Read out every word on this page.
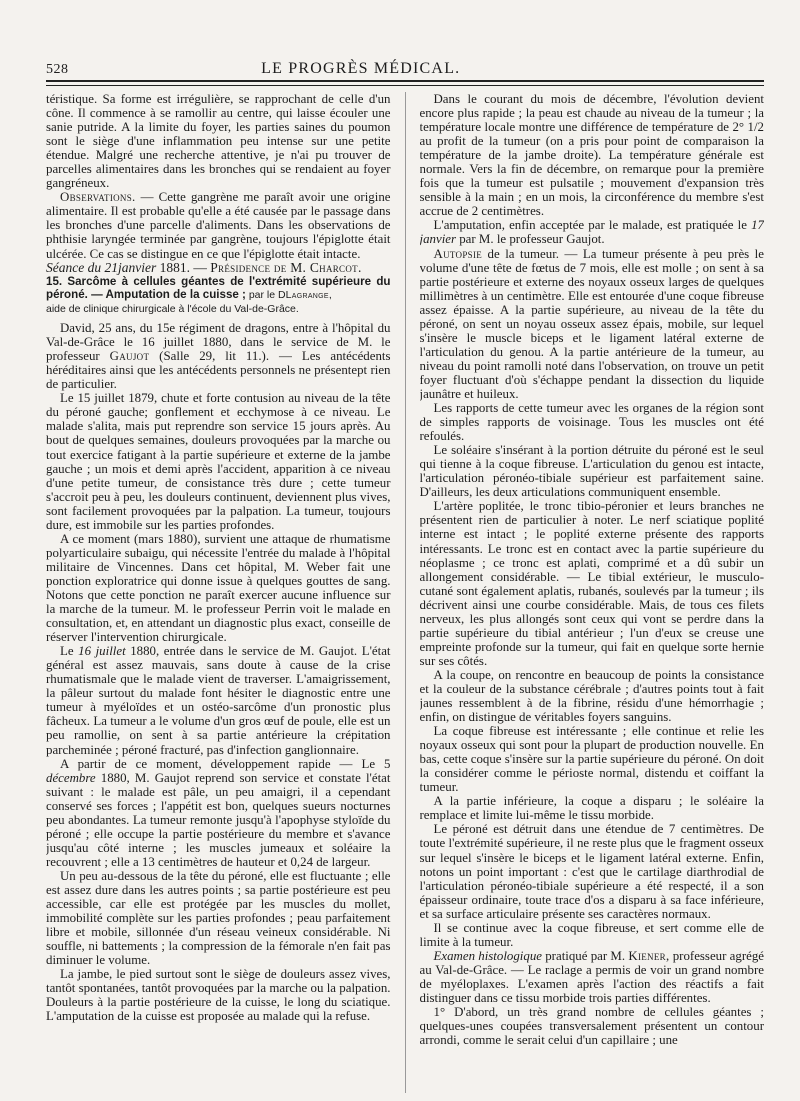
528	LE PROGRÈS MÉDICAL.

téristique. Sa forme est irrégulière, se rapprochant de celle d'un cône. Il commence à se ramollir au centre, qui laisse écouler une sanie putride. A la limite du foyer, les parties saines du poumon sont le siège d'une inflammation peu intense sur une petite étendue. Malgré une recherche attentive, je n'ai pu trouver de parcelles alimentaires dans les bronches qui se rendaient au foyer gangréneux.

Observations. — Cette gangrène me paraît avoir une origine alimentaire. Il est probable qu'elle a été causée par le passage dans les bronches d'une parcelle d'aliments. Dans les observations de phthisie laryngée terminée par gangrène, toujours l'épiglotte était ulcérée. Ce cas se distingue en ce que l'épiglotte était intacte.

Séance du 21janvier 1881. — Présidence de M. Charcot.

15. Sarcôme à cellules géantes de l'extrémité supérieure du péroné. — Amputation de la cuisse ; par le DLagrange,
aide de clinique chirurgicale à l'école du Val-de-Grâce.

David, 25 ans, du 15e régiment de dragons, entre à l'hôpital du Val-de-Grâce le 16 juillet 1880, dans le service de M. le professeur Gaujot (Salle 29, lit 11.). — Les antécédents héréditaires ainsi que les antécédents personnels ne présentept rien de particulier.

Le 15 juillet 1879, chute et forte contusion au niveau de la tête du péroné gauche; gonflement et ecchymose à ce niveau. Le malade s'alita, mais put reprendre son service 15 jours après. Au bout de quelques semaines, douleurs provoquées par la marche ou tout exercice fatigant à la partie supérieure et externe de la jambe gauche ; un mois et demi après l'accident, apparition à ce niveau d'une petite tumeur, de consistance très dure ; cette tumeur s'accroit peu à peu, les douleurs continuent, deviennent plus vives, sont facilement provoquées par la palpation. La tumeur, toujours dure, est immobile sur les parties profondes.

A ce moment (mars 1880), survient une attaque de rhumatisme polyarticulaire subaigu, qui nécessite l'entrée du malade à l'hôpital militaire de Vincennes. Dans cet hôpital, M. Weber fait une ponction exploratrice qui donne issue à quelques gouttes de sang. Notons que cette ponction ne paraît exercer aucune influence sur la marche de la tumeur. M. le professeur Perrin voit le malade en consultation, et, en attendant un diagnostic plus exact, conseille de réserver l'intervention chirurgicale.

Le 16 juillet 1880, entrée dans le service de M. Gaujot. L'état général est assez mauvais, sans doute à cause de la crise rhumatismale que le malade vient de traverser. L'amaigrissement, la pâleur surtout du malade font hésiter le diagnostic entre une tumeur à myéloïdes et un ostéo-sarcôme d'un pronostic plus fâcheux. La tumeur a le volume d'un gros œuf de poule, elle est un peu ramollie, on sent à sa partie antérieure la crépitation parcheminée ; péroné fracturé, pas d'infection ganglionnaire.

A partir de ce moment, développement rapide — Le 5 décembre 1880, M. Gaujot reprend son service et constate l'état suivant : le malade est pâle, un peu amaigri, il a cependant conservé ses forces ; l'appétit est bon, quelques sueurs nocturnes peu abondantes. La tumeur remonte jusqu'à l'apophyse styloïde du péroné ; elle occupe la partie postérieure du membre et s'avance jusqu'au côté interne ; les muscles jumeaux et soléaire la recouvrent ; elle a 13 centimètres de hauteur et 0,24 de largeur.

Un peu au-dessous de la tête du péroné, elle est fluctuante ; elle est assez dure dans les autres points ; sa partie postérieure est peu accessible, car elle est protégée par les muscles du mollet, immobilité complète sur les parties profondes ; peau parfaitement libre et mobile, sillonnée d'un réseau veineux considérable. Ni souffle, ni battements ; la compression de la fémorale n'en fait pas diminuer le volume.

La jambe, le pied surtout sont le siège de douleurs assez vives, tantôt spontanées, tantôt provoquées par la marche ou la palpation. Douleurs à la partie postérieure de la cuisse, le long du sciatique. L'amputation de la cuisse est proposée au malade qui la refuse.

Dans le courant du mois de décembre, l'évolution devient encore plus rapide ; la peau est chaude au niveau de la tumeur ; la température locale montre une différence de température de 2° 1/2 au profit de la tumeur (on a pris pour point de comparaison la température de la jambe droite). La température générale est normale. Vers la fin de décembre, on remarque pour la première fois que la tumeur est pulsatile ; mouvement d'expansion très sensible à la main ; en un mois, la circonférence du membre s'est accrue de 2 centimètres.

L'amputation, enfin acceptée par le malade, est pratiquée le 17 janvier par M. le professeur Gaujot.

Autopsie de la tumeur. — La tumeur présente à peu près le volume d'une tête de fœtus de 7 mois, elle est molle ; on sent à sa partie postérieure et externe des noyaux osseux larges de quelques millimètres à un centimètre. Elle est entourée d'une coque fibreuse assez épaisse. A la partie supérieure, au niveau de la tête du péroné, on sent un noyau osseux assez épais, mobile, sur lequel s'insère le muscle biceps et le ligament latéral externe de l'articulation du genou. A la partie antérieure de la tumeur, au niveau du point ramolli noté dans l'observation, on trouve un petit foyer fluctuant d'où s'échappe pendant la dissection du liquide jaunâtre et huileux.

Les rapports de cette tumeur avec les organes de la région sont de simples rapports de voisinage. Tous les muscles ont été refoulés.

Le soléaire s'insérant à la portion détruite du péroné est le seul qui tienne à la coque fibreuse. L'articulation du genou est intacte, l'articulation péronéo-tibiale supérieur est parfaitement saine. D'ailleurs, les deux articulations communiquent ensemble.

L'artère poplitée, le tronc tibio-péronier et leurs branches ne présentent rien de particulier à noter. Le nerf sciatique poplité interne est intact ; le poplité externe présente des rapports intéressants. Le tronc est en contact avec la partie supérieure du néoplasme ; ce tronc est aplati, comprimé et a dû subir un allongement considérable. — Le tibial extérieur, le musculo-cutané sont également aplatis, rubanés, soulevés par la tumeur ; ils décrivent ainsi une courbe considérable. Mais, de tous ces filets nerveux, les plus allongés sont ceux qui vont se perdre dans la partie supérieure du tibial antérieur ; l'un d'eux se creuse une empreinte profonde sur la tumeur, qui fait en quelque sorte hernie sur ses côtés.

A la coupe, on rencontre en beaucoup de points la consistance et la couleur de la substance cérébrale ; d'autres points tout à fait jaunes ressemblent à de la fibrine, résidu d'une hémorrhagie ; enfin, on distingue de véritables foyers sanguins.

La coque fibreuse est intéressante ; elle continue et relie les noyaux osseux qui sont pour la plupart de production nouvelle. En bas, cette coque s'insère sur la partie supérieure du péroné. On doit la considérer comme le périoste normal, distendu et coiffant la tumeur.

A la partie inférieure, la coque a disparu ; le soléaire la remplace et limite lui-même le tissu morbide.

Le péroné est détruit dans une étendue de 7 centimètres. De toute l'extrémité supérieure, il ne reste plus que le fragment osseux sur lequel s'insère le biceps et le ligament latéral externe. Enfin, notons un point important : c'est que le cartilage diarthrodial de l'articulation péronéo-tibiale supérieure a été respecté, il a son épaisseur ordinaire, toute trace d'os a disparu à sa face inférieure, et sa surface articulaire présente ses caractères normaux.

Il se continue avec la coque fibreuse, et sert comme elle de limite à la tumeur.

Examen histologique pratiqué par M. Kiener, professeur agrégé au Val-de-Grâce. — Le raclage a permis de voir un grand nombre de myéloplaxes. L'examen après l'action des réactifs a fait distinguer dans ce tissu morbide trois parties différentes.

1° D'abord, un très grand nombre de cellules géantes ; quelques-unes coupées transversalement présentent un contour arrondi, comme le serait celui d'un capillaire ; une
